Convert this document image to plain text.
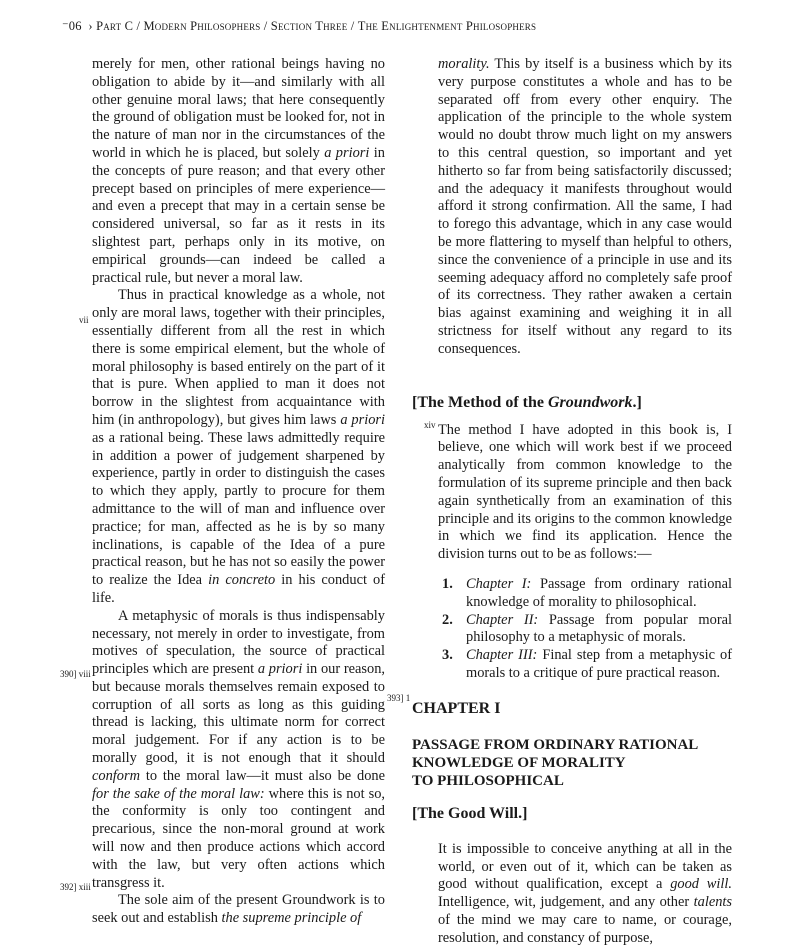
⁻06 › Part C / Modern Philosophers / Section Three / The Enlightenment Philosophers
vii
390] viii
392] xiii
xiv
393] 1

merely for men, other rational beings having no obligation to abide by it—and similarly with all other genuine moral laws; that here consequently the ground of obligation must be looked for, not in the nature of man nor in the circumstances of the world in which he is placed, but solely a priori in the concepts of pure reason; and that every other precept based on principles of mere experience—and even a precept that may in a certain sense be considered universal, so far as it rests in its slightest part, perhaps only in its motive, on empirical grounds—can indeed be called a practical rule, but never a moral law.

Thus in practical knowledge as a whole, not only are moral laws, together with their principles, essentially different from all the rest in which there is some empirical element, but the whole of moral philosophy is based entirely on the part of it that is pure. When applied to man it does not borrow in the slightest from acquaintance with him (in anthropology), but gives him laws a priori as a rational being. These laws admittedly require in addition a power of judgement sharpened by experience, partly in order to distinguish the cases to which they apply, partly to procure for them admittance to the will of man and influence over practice; for man, affected as he is by so many inclinations, is capable of the Idea of a pure practical reason, but he has not so easily the power to realize the Idea in concreto in his conduct of life.

A metaphysic of morals is thus indispensably necessary, not merely in order to investigate, from motives of speculation, the source of practical principles which are present a priori in our reason, but because morals themselves remain exposed to corruption of all sorts as long as this guiding thread is lacking, this ultimate norm for correct moral judgement. For if any action is to be morally good, it is not enough that it should conform to the moral law—it must also be done for the sake of the moral law: where this is not so, the conformity is only too contingent and precarious, since the non-moral ground at work will now and then produce actions which accord with the law, but very often actions which transgress it.

The sole aim of the present Groundwork is to seek out and establish the supreme principle of

morality. This by itself is a business which by its very purpose constitutes a whole and has to be separated off from every other enquiry. The application of the principle to the whole system would no doubt throw much light on my answers to this central question, so important and yet hitherto so far from being satisfactorily discussed; and the adequacy it manifests throughout would afford it strong confirmation. All the same, I had to forego this advantage, which in any case would be more flattering to myself than helpful to others, since the convenience of a principle in use and its seeming adequacy afford no completely safe proof of its correctness. They rather awaken a certain bias against examining and weighing it in all strictness for itself without any regard to its consequences.

[The Method of the Groundwork.]

The method I have adopted in this book is, I believe, one which will work best if we proceed analytically from common knowledge to the formulation of its supreme principle and then back again synthetically from an examination of this principle and its origins to the common knowledge in which we find its application. Hence the division turns out to be as follows:—

1. Chapter I: Passage from ordinary rational knowledge of morality to philosophical.
2. Chapter II: Passage from popular moral philosophy to a metaphysic of morals.
3. Chapter III: Final step from a metaphysic of morals to a critique of pure practical reason.

CHAPTER I

PASSAGE FROM ORDINARY RATIONAL
KNOWLEDGE OF MORALITY
TO PHILOSOPHICAL

[The Good Will.]

It is impossible to conceive anything at all in the world, or even out of it, which can be taken as good without qualification, except a good will. Intelligence, wit, judgement, and any other talents of the mind we may care to name, or courage, resolution, and constancy of purpose,
